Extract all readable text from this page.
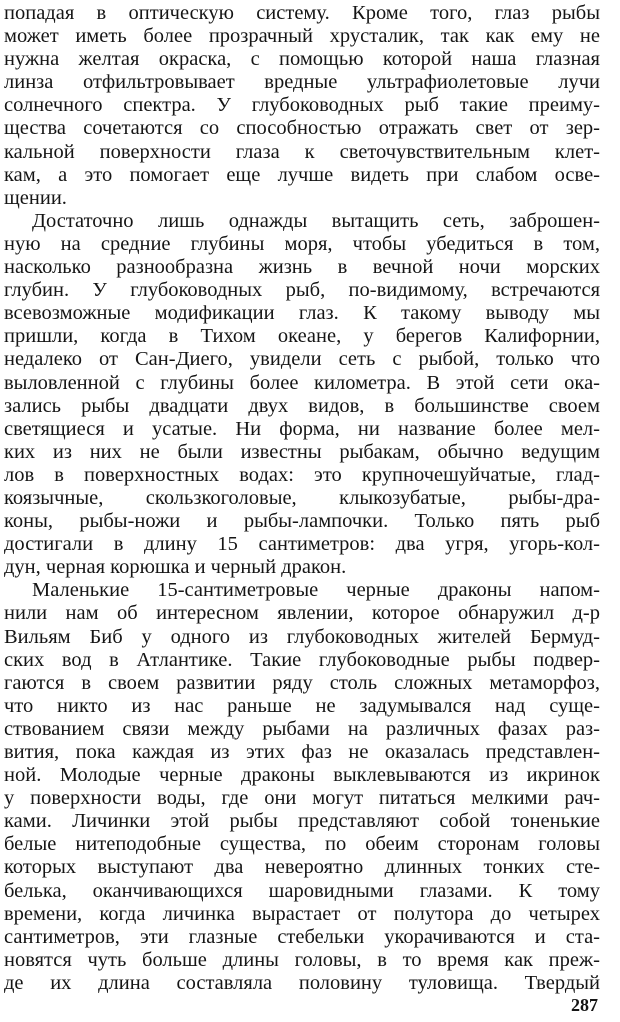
попадая в оптическую систему. Кроме того, глаз рыбы
может иметь более прозрачный хрусталик, так как ему не
нужна желтая окраска, с помощью которой наша глазная
линза отфильтровывает вредные ультрафиолетовые лучи
солнечного спектра. У глубоководных рыб такие преиму-
щества сочетаются со способностью отражать свет от зер-
кальной поверхности глаза к светочувствительным клет-
кам, а это помогает еще лучше видеть при слабом осве-
щении.
Достаточно лишь однажды вытащить сеть, заброшен-
ную на средние глубины моря, чтобы убедиться в том,
насколько разнообразна жизнь в вечной ночи морских
глубин. У глубоководных рыб, по-видимому, встречаются
всевозможные модификации глаз. К такому выводу мы
пришли, когда в Тихом океане, у берегов Калифорнии,
недалеко от Сан-Диего, увидели сеть с рыбой, только что
выловленной с глубины более километра. В этой сети ока-
зались рыбы двадцати двух видов, в большинстве своем
светящиеся и усатые. Ни форма, ни название более мел-
ких из них не были известны рыбакам, обычно ведущим
лов в поверхностных водах: это крупночешуйчатые, глад-
коязычные, скользкоголовые, клыкозубатые, рыбы-дра-
коны, рыбы-ножи и рыбы-лампочки. Только пять рыб
достигали в длину 15 сантиметров: два угря, угорь-кол-
дун, черная корюшка и черный дракон.
Маленькие 15-сантиметровые черные драконы напом-
нили нам об интересном явлении, которое обнаружил д-р
Вильям Биб у одного из глубоководных жителей Бермуд-
ских вод в Атлантике. Такие глубоководные рыбы подвер-
гаются в своем развитии ряду столь сложных метаморфоз,
что никто из нас раньше не задумывался над суще-
ствованием связи между рыбами на различных фазах раз-
вития, пока каждая из этих фаз не оказалась представлен-
ной. Молодые черные драконы выклевываются из икринок
у поверхности воды, где они могут питаться мелкими рач-
ками. Личинки этой рыбы представляют собой тоненькие
белые нитеподобные существа, по обеим сторонам головы
которых выступают два невероятно длинных тонких сте-
белька, оканчивающихся шаровидными глазами. К тому
времени, когда личинка вырастает от полутора до четырех
сантиметров, эти глазные стебельки укорачиваются и ста-
новятся чуть больше длины головы, в то время как преж-
де их длина составляла половину туловища. Твердый
287
